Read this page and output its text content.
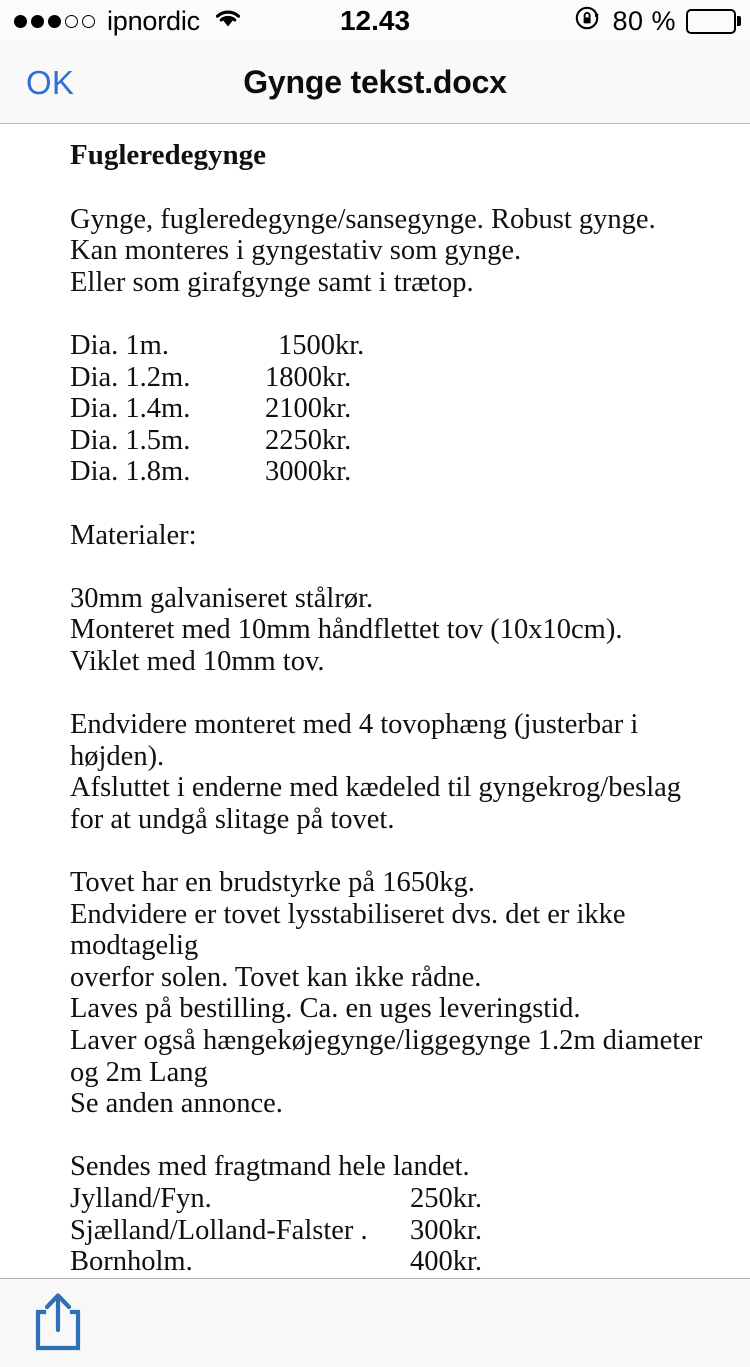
ipnordic	12.43	80 %
OK	Gynge tekst.docx
Fugleredegynge
Gynge, fugleredegynge/sansegynge. Robust gynge.
Kan monteres i gyngestativ som gynge.
Eller som girafgynge samt i trætop.
Dia. 1m.	1500kr.
Dia. 1.2m.	1800kr.
Dia. 1.4m.	2100kr.
Dia. 1.5m.	2250kr.
Dia. 1.8m.	3000kr.
Materialer:
30mm galvaniseret stålrør.
Monteret med 10mm håndflettet tov (10x10cm).
Viklet med 10mm tov.
Endvidere monteret med 4 tovophæng (justerbar i
højden).
Afsluttet i enderne med kædeled til gyngekrog/beslag
for at undgå slitage på tovet.
Tovet har en brudstyrke på 1650kg.
Endvidere er tovet lysstabiliseret dvs. det er ikke
modtagelig
overfor solen. Tovet kan ikke rådne.
Laves på bestilling. Ca. en uges leveringstid.
Laver også hængekøjegynge/liggegynge 1.2m diameter
og 2m Lang
Se anden annonce.
Sendes med fragtmand hele landet.
Jylland/Fyn.	250kr.
Sjælland/Lolland-Falster .	300kr.
Bornholm.	400kr.
